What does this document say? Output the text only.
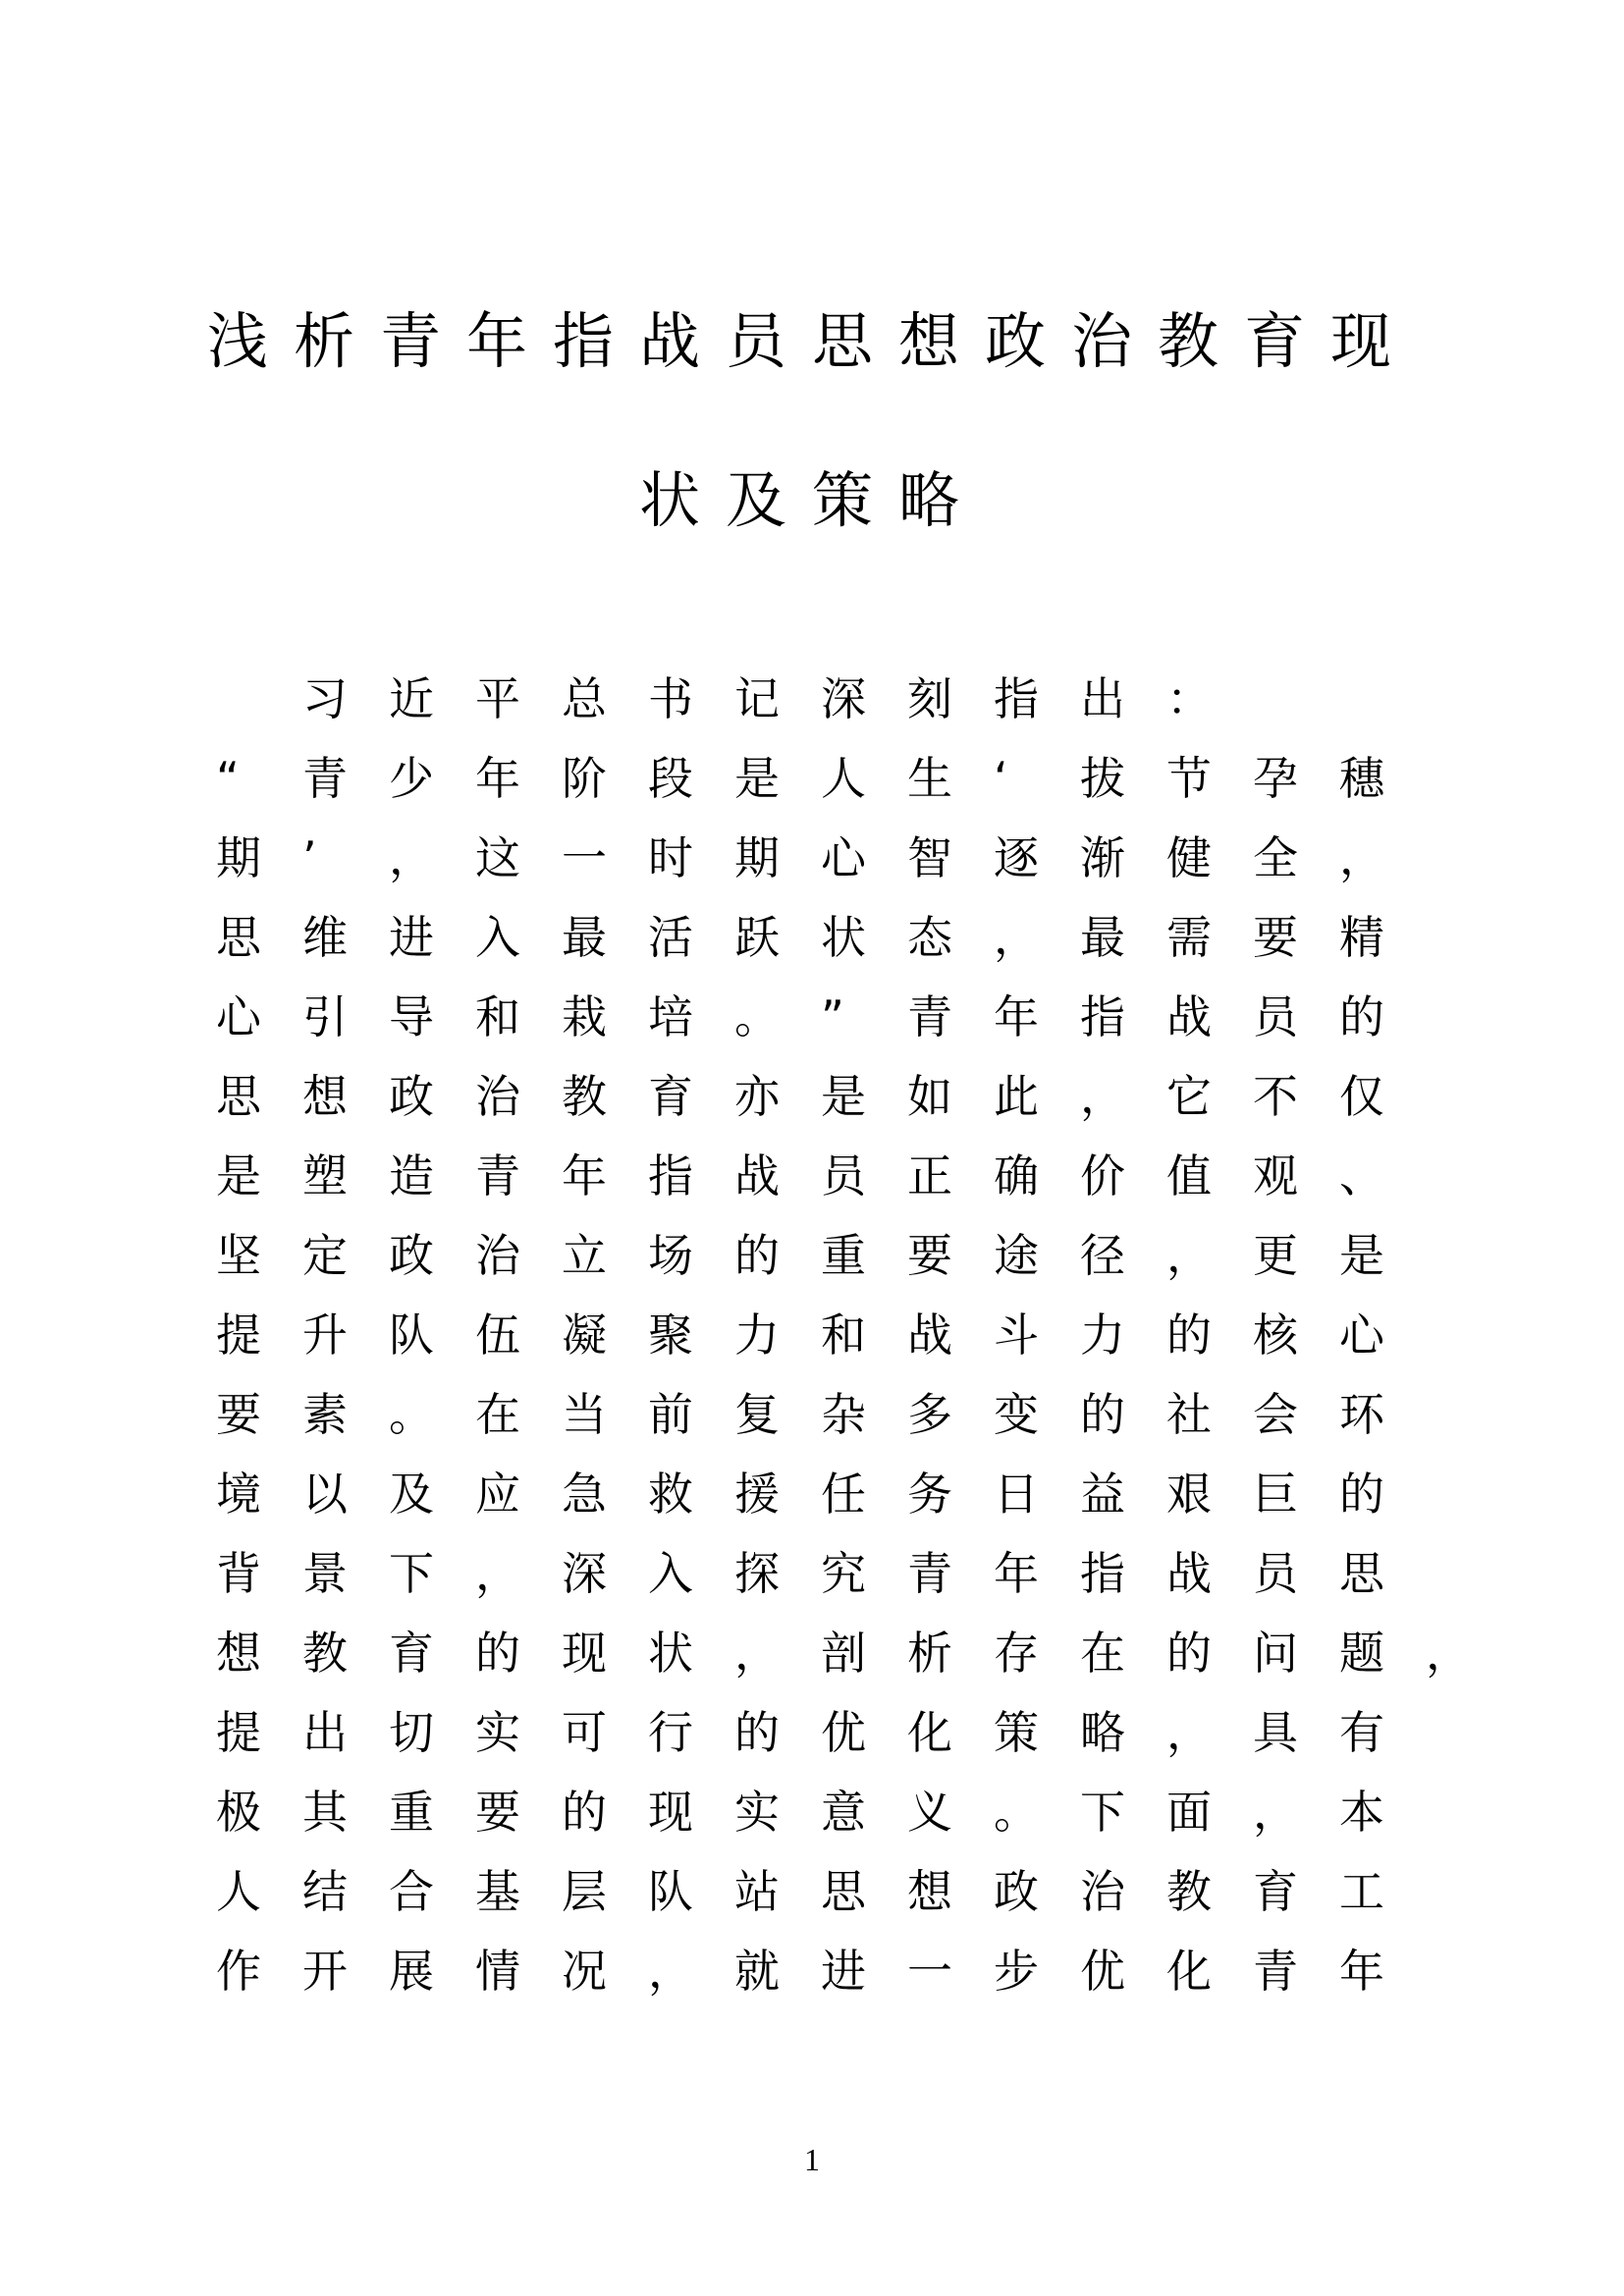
浅析青年指战员思想政治教育现
状及策略

习 近 平 总 书 记 深 刻 指 出 ：
“	青 少 年 阶 段 是 人 生 ‘	拔 节 孕 穗
期 ’	， 这 一 时 期 心 智 逐 渐 健 全 ，
思 维 进 入 最 活 跃 状 态 ， 最 需 要 精
心 引 导 和 栽 培 。 ”	青 年 指 战 员 的
思 想 政 治 教 育 亦 是 如 此 ， 它 不 仅
是 塑 造 青 年 指 战 员 正 确 价 值 观 、
坚 定 政 治 立 场 的 重 要 途 径 ， 更 是
提 升 队 伍 凝 聚 力 和 战 斗 力 的 核 心
要 素 。 在 当 前 复 杂 多 变 的 社 会 环
境 以 及 应 急 救 援 任 务 日 益 艰 巨 的
背 景 下 ， 深 入 探 究 青 年 指 战 员 思
想 教 育 的 现 状 ， 剖 析 存 在 的 问 题 ，
提 出 切 实 可 行 的 优 化 策 略 ， 具 有
极 其 重 要 的 现 实 意 义 。 下 面 ， 本
人 结 合 基 层 队 站 思 想 政 治 教 育 工
作 开 展 情 况 ， 就 进 一 步 优 化 青 年
1
